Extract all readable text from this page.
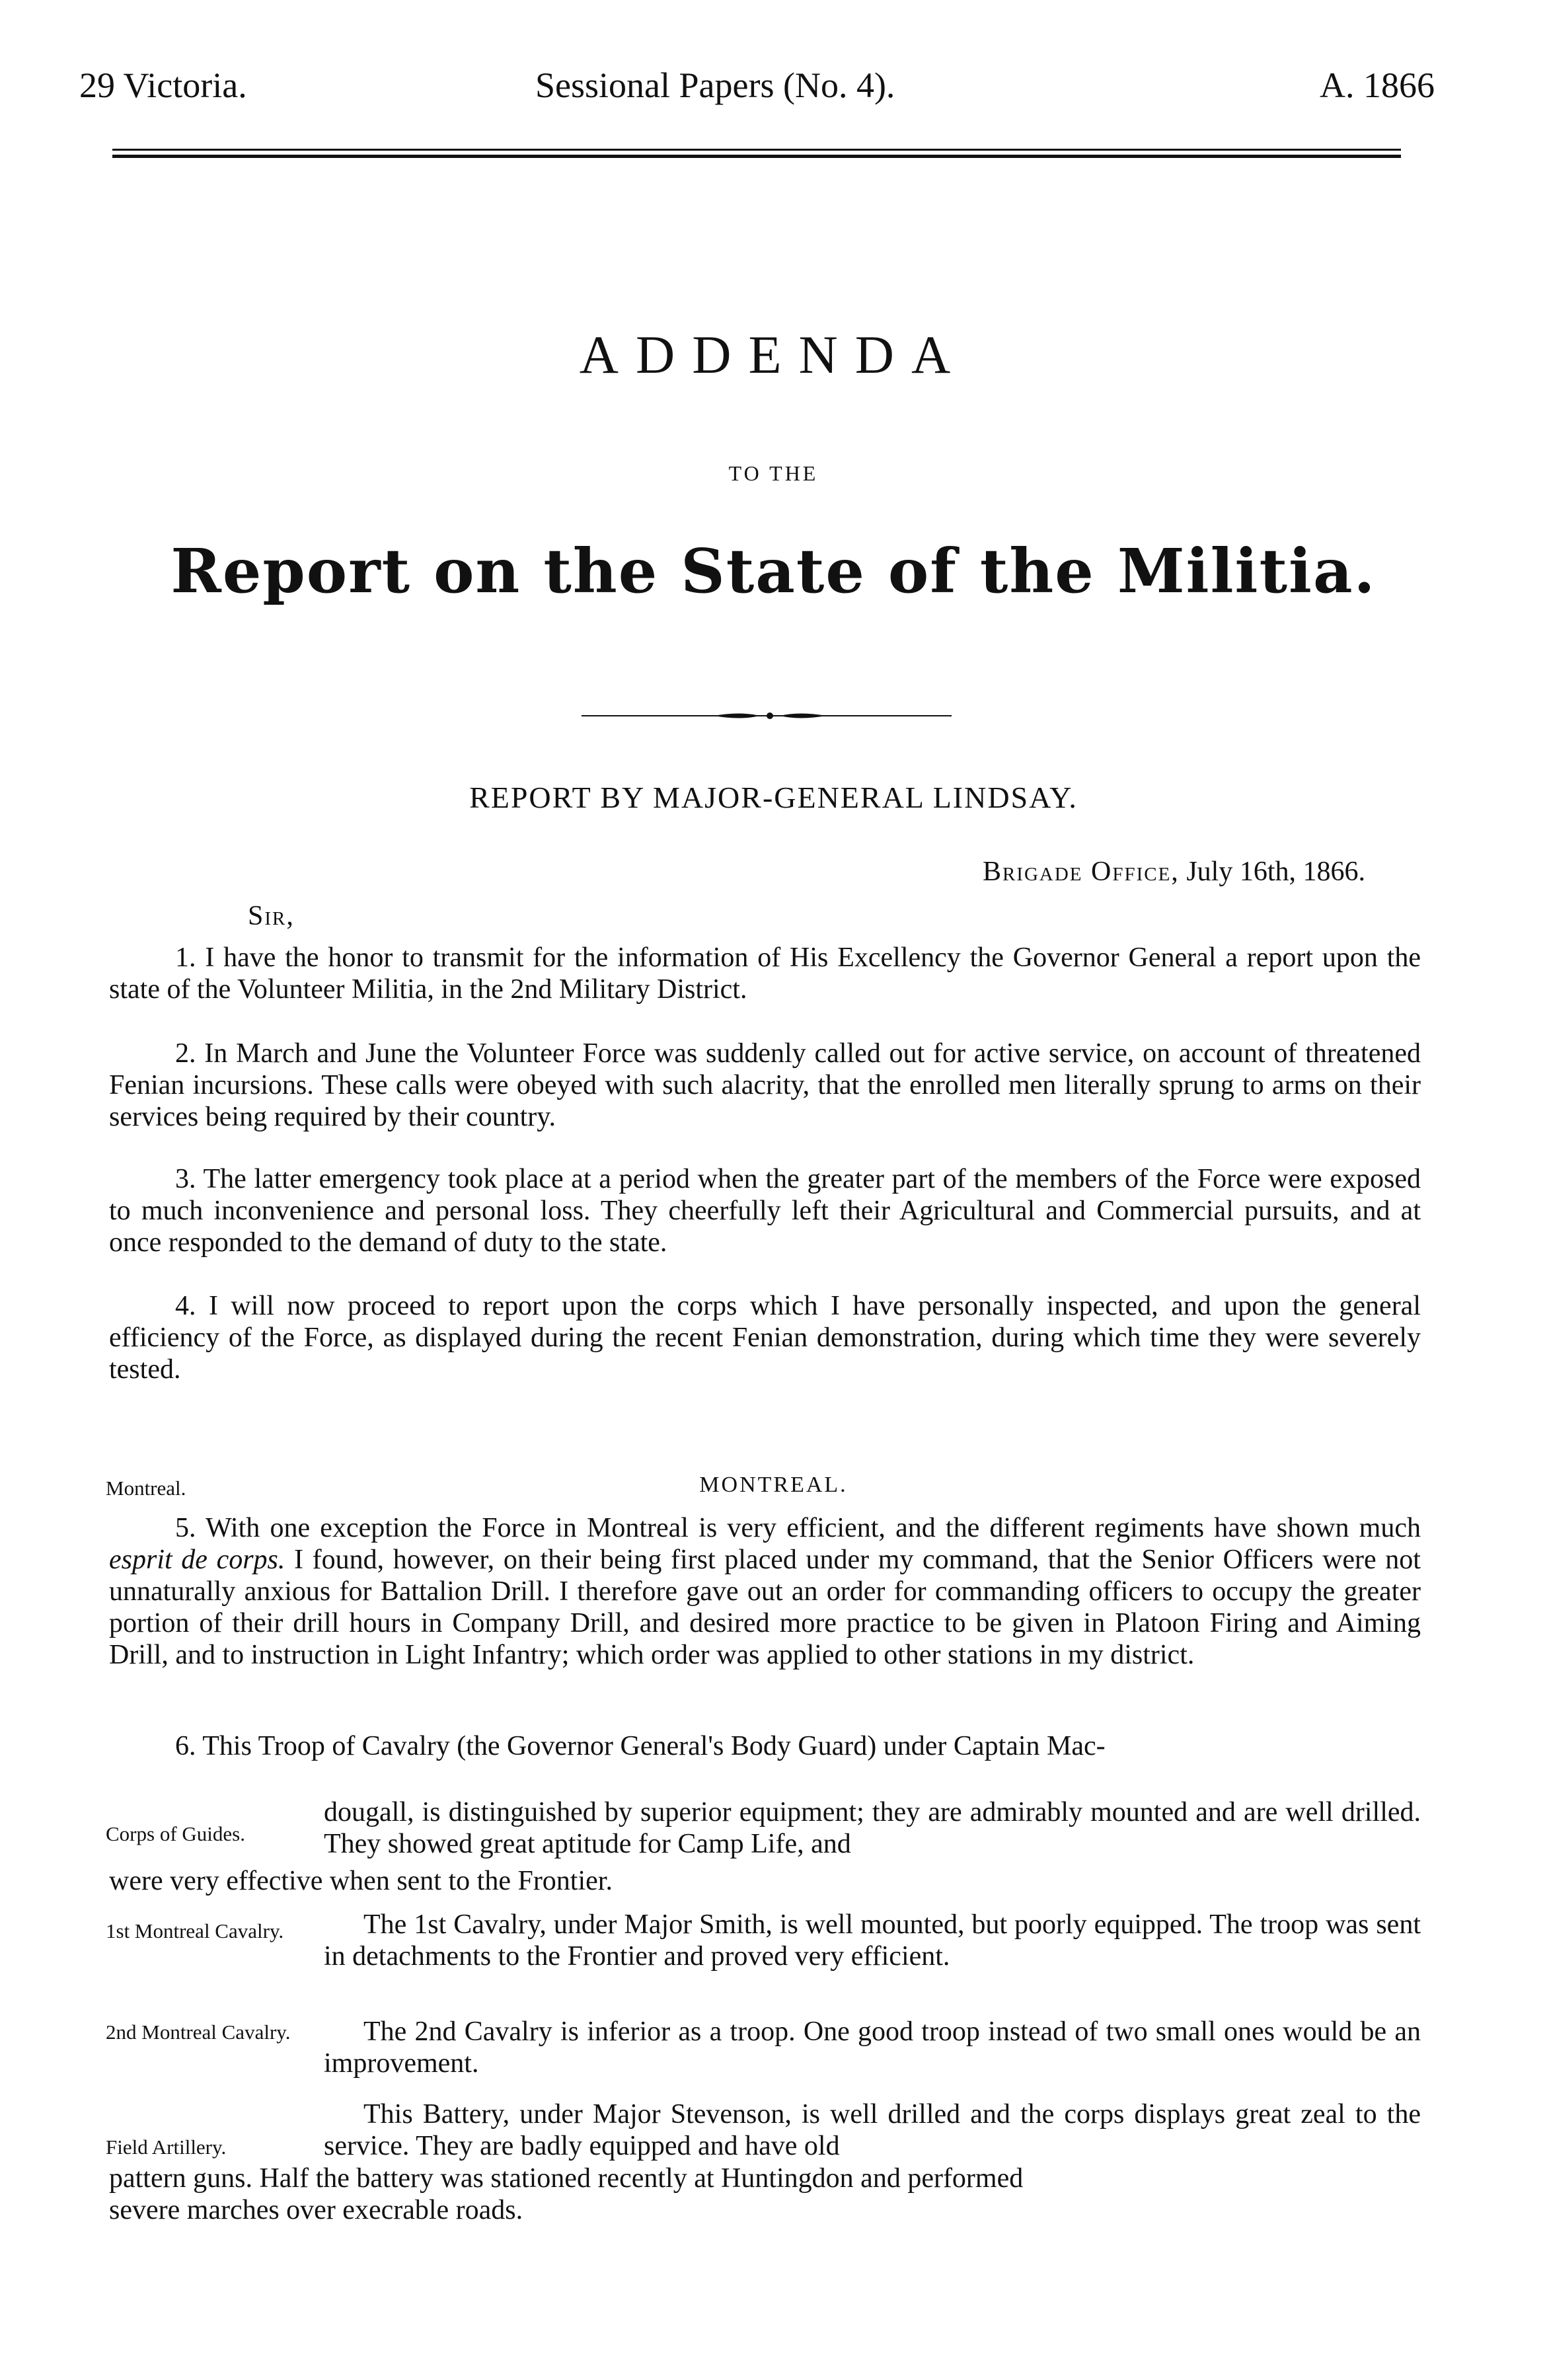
29 Victoria.	Sessional Papers (No. 4).	A. 1866
ADDENDA
TO THE
Report on the State of the Militia.
REPORT BY MAJOR-GENERAL LINDSAY.
Brigade Office, July 16th, 1866.
Sir,

1. I have the honor to transmit for the information of His Excellency the Governor General a report upon the state of the Volunteer Militia, in the 2nd Military District.

2. In March and June the Volunteer Force was suddenly called out for active service, on account of threatened Fenian incursions. These calls were obeyed with such alacrity, that the enrolled men literally sprung to arms on their services being required by their country.

3. The latter emergency took place at a period when the greater part of the members of the Force were exposed to much inconvenience and personal loss. They cheerfully left their Agricultural and Commercial pursuits, and at once responded to the demand of duty to the state.

4. I will now proceed to report upon the corps which I have personally inspected, and upon the general efficiency of the Force, as displayed during the recent Fenian demonstration, during which time they were severely tested.

Montreal.	MONTREAL.

5. With one exception the Force in Montreal is very efficient, and the different regiments have shown much esprit de corps. I found, however, on their being first placed under my command, that the Senior Officers were not unnaturally anxious for Battalion Drill. I therefore gave out an order for commanding officers to occupy the greater portion of their drill hours in Company Drill, and desired more practice to be given in Platoon Firing and Aiming Drill, and to instruction in Light Infantry; which order was applied to other stations in my district.

6. This Troop of Cavalry (the Governor General's Body Guard) under Captain Mac-

Corps of Guides.

dougall, is distinguished by superior equipment; they are admirably mounted and are well drilled. They showed great aptitude for Camp Life, and

were very effective when sent to the Frontier.
1st Montreal Cavalry.	The 1st Cavalry, under Major Smith, is well mounted, but poorly equipped. The troop was sent in detachments to the Frontier and proved very efficient.

2nd Montreal Cavalry.	The 2nd Cavalry is inferior as a troop. One good troop instead of two small ones would be an improvement.

Field Artillery.

This Battery, under Major Stevenson, is well drilled and the corps displays great zeal to the service. They are badly equipped and have old

pattern guns. Half the battery was stationed recently at Huntingdon and performed
severe marches over execrable roads.
